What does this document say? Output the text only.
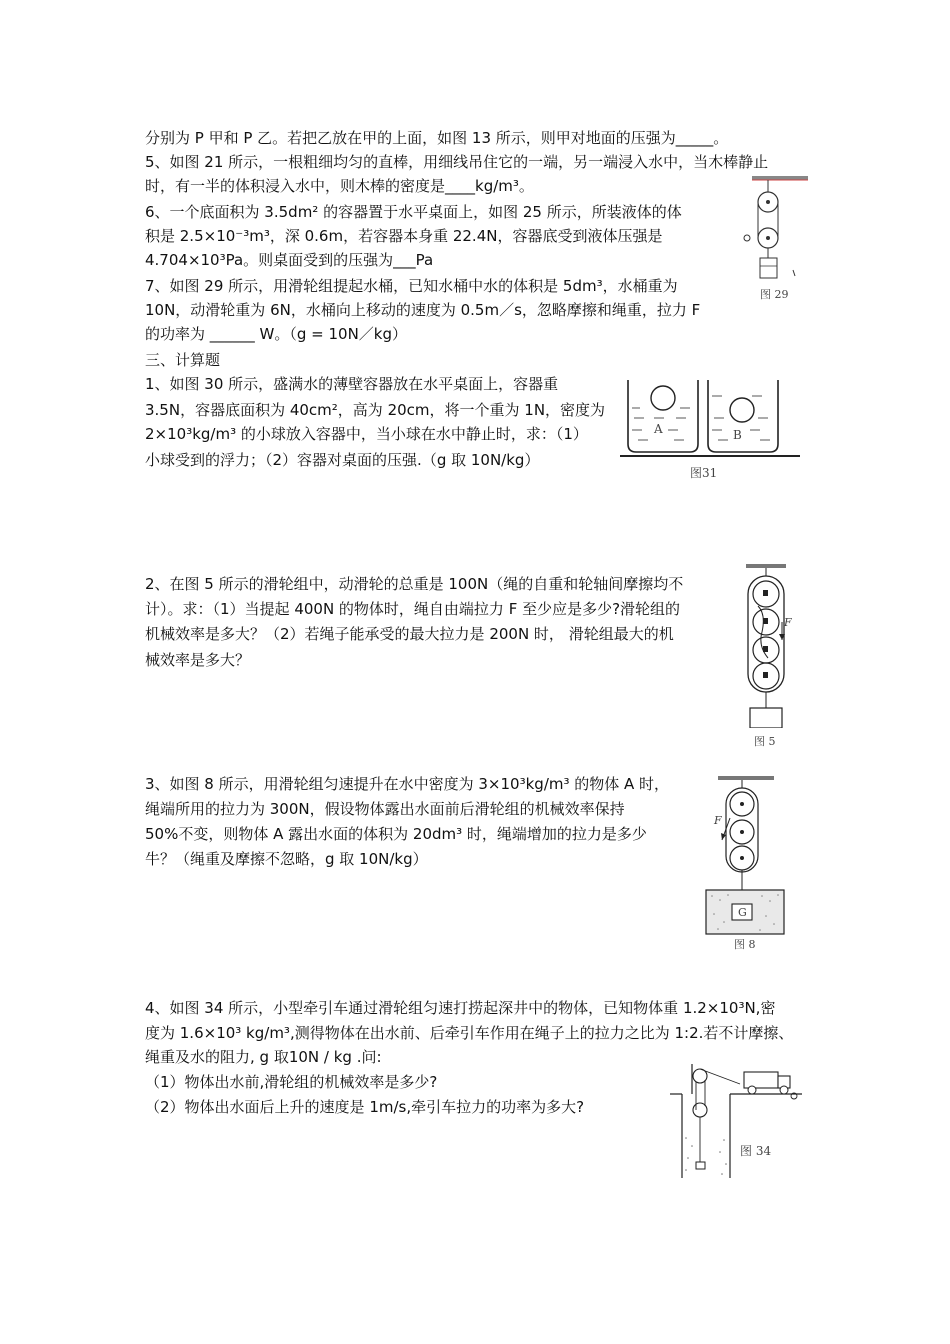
分别为 P 甲和 P 乙。若把乙放在甲的上面，如图 13 所示，则甲对地面的压强为_____。
5、如图 21 所示，一根粗细均匀的直棒，用细线吊住它的一端，另一端浸入水中，当木棒静止
时，有一半的体积浸入水中，则木棒的密度是____kg/m³。
6、一个底面积为 3.5dm² 的容器置于水平桌面上，如图 25 所示，所装液体的体
积是 2.5×10⁻³m³，深 0.6m，若容器本身重 22.4N，容器底受到液体压强是
4.704×10³Pa。则桌面受到的压强为___Pa
7、如图 29 所示，用滑轮组提起水桶，已知水桶中水的体积是 5dm³，水桶重为
10N，动滑轮重为 6N，水桶向上移动的速度为 0.5m／s，忽略摩擦和绳重，拉力 F
的功率为 ______ W。（g = 10N／kg）
三、计算题
1、如图 30 所示，盛满水的薄壁容器放在水平桌面上，容器重
3.5N，容器底面积为 40cm²，高为 20cm，将一个重为 1N，密度为
2×10³kg/m³ 的小球放入容器中，当小球在水中静止时，求：（1）
小球受到的浮力；（2）容器对桌面的压强.（g 取 10N/kg）
2、在图 5 所示的滑轮组中，动滑轮的总重是 100N（绳的自重和轮轴间摩擦均不
计）。求：（1）当提起 400N 的物体时，绳自由端拉力 F 至少应是多少?滑轮组的
机械效率是多大？（2）若绳子能承受的最大拉力是 200N 时， 滑轮组最大的机
械效率是多大？
3、如图 8 所示，用滑轮组匀速提升在水中密度为 3×10³kg/m³ 的物体 A 时，
绳端所用的拉力为 300N，假设物体露出水面前后滑轮组的机械效率保持
50%不变，则物体 A 露出水面的体积为 20dm³ 时，绳端增加的拉力是多少
牛？（绳重及摩擦不忽略，g 取 10N/kg）
4、如图 34 所示，小型牵引车通过滑轮组匀速打捞起深井中的物体，已知物体重 1.2×10³N,密
度为 1.6×10³ kg/m³,测得物体在出水前、后牵引车作用在绳子上的拉力之比为 1:2.若不计摩擦、
绳重及水的阻力, g 取10N / kg .问:
（1）物体出水前,滑轮组的机械效率是多少?
（2）物体出水面后上升的速度是 1m/s,牵引车拉力的功率为多大?
图 29
A	B
图31
F
图 5
F
G
图 8
图 34
